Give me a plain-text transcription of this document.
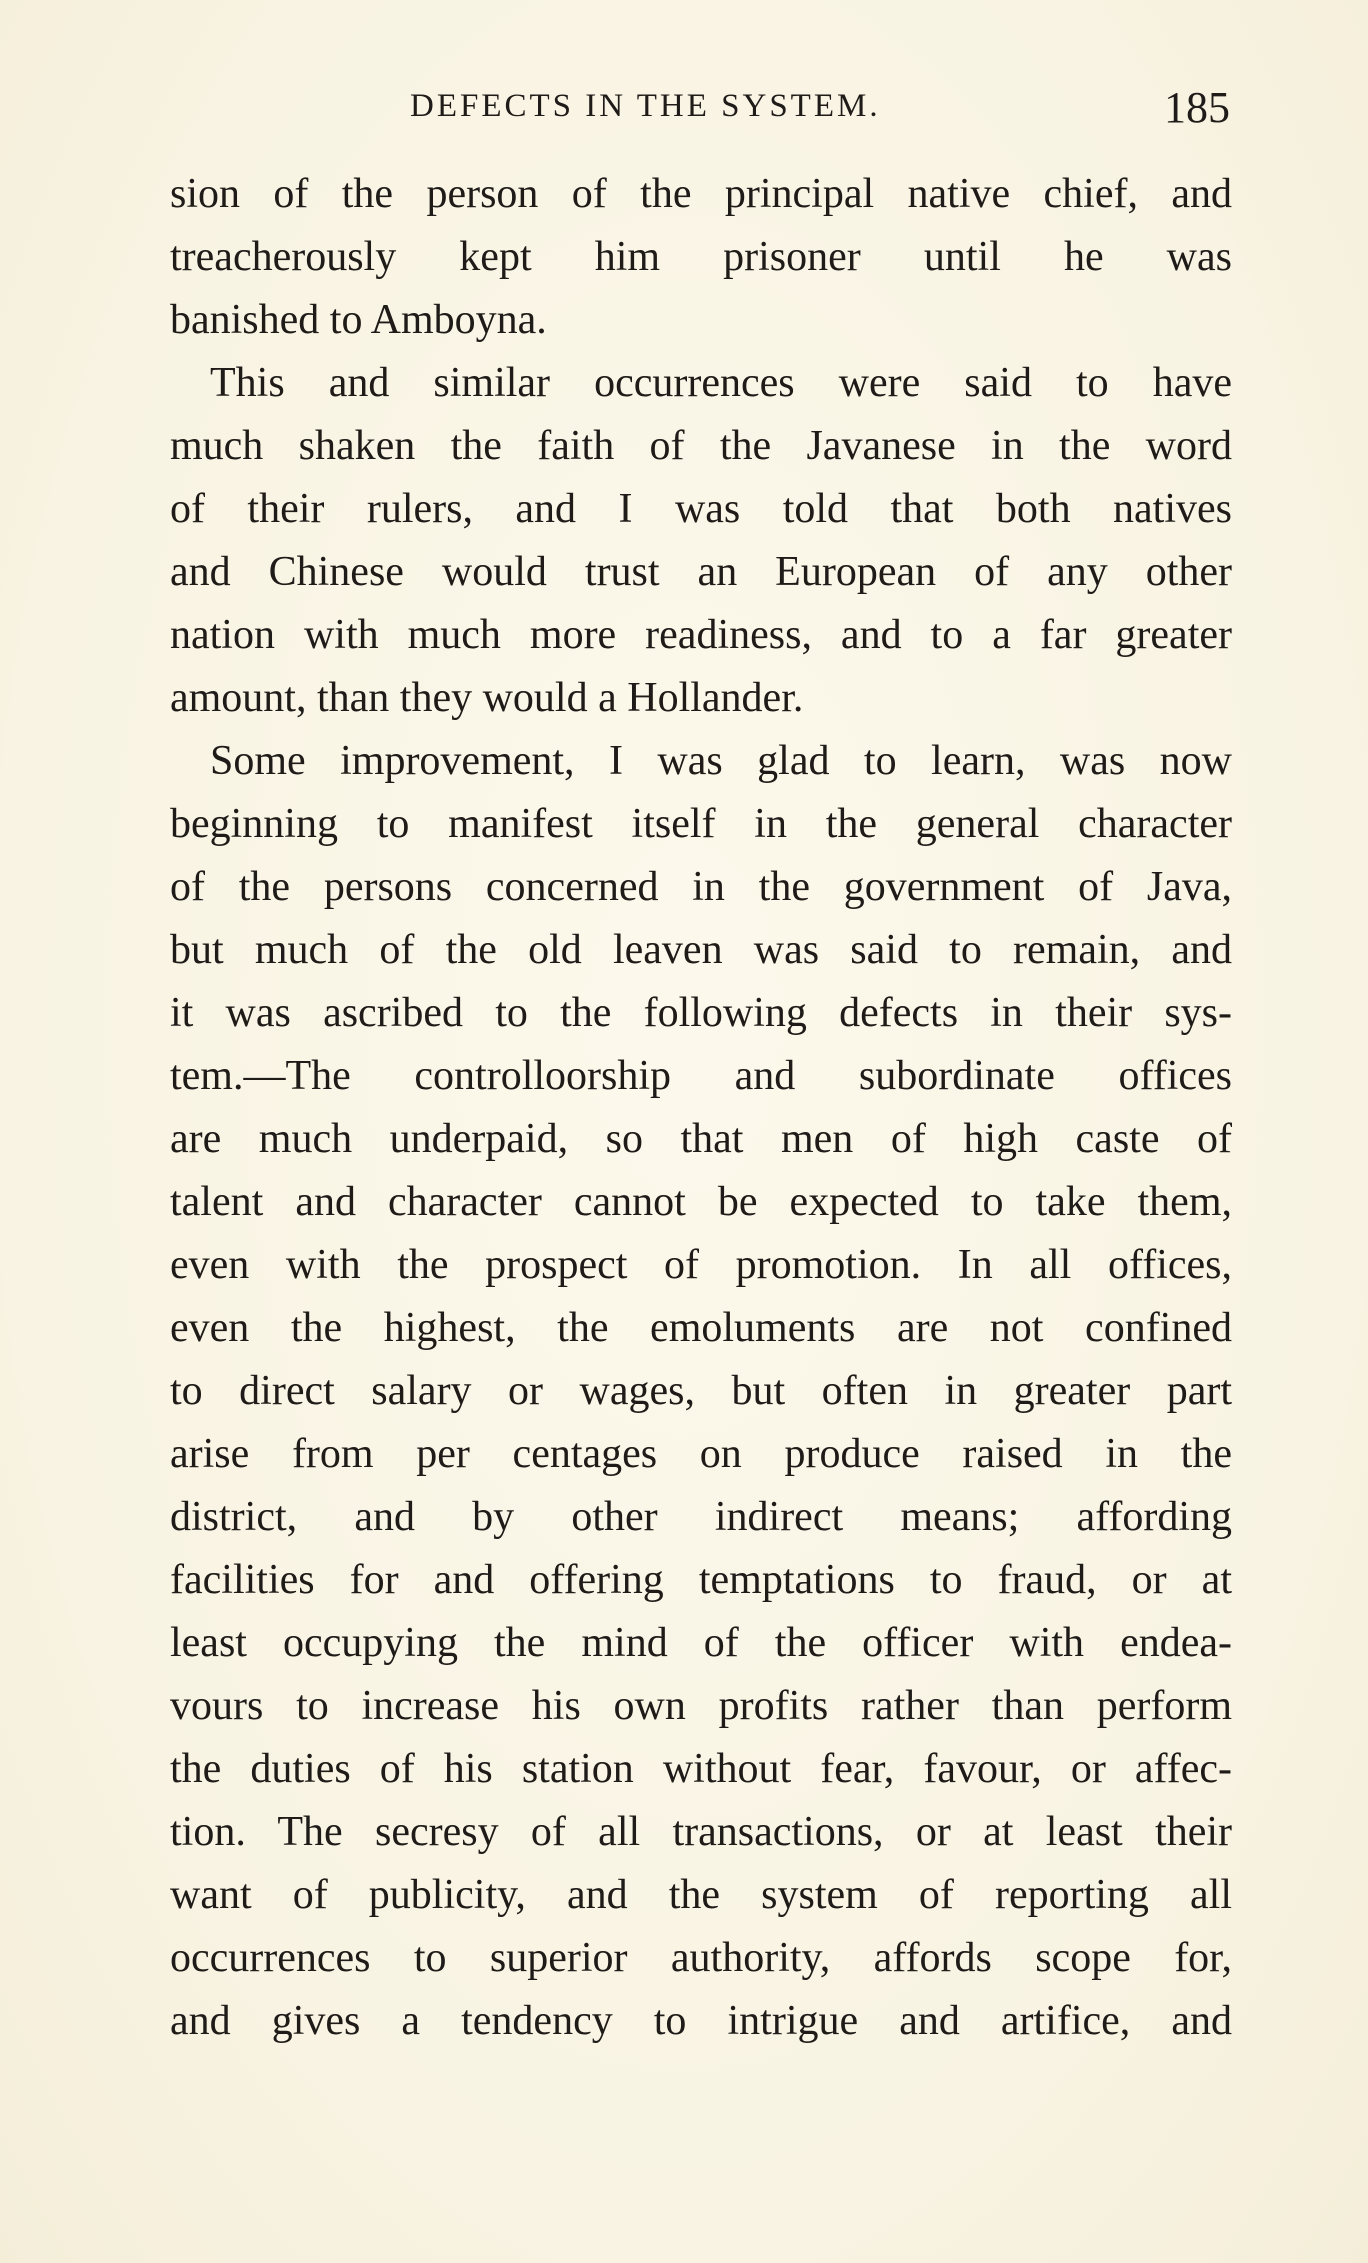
DEFECTS IN THE SYSTEM.	185
sion of the person of the principal native chief, and
treacherously kept him prisoner until he was
banished to Amboyna.
This and similar occurrences were said to have
much shaken the faith of the Javanese in the word
of their rulers, and I was told that both natives
and Chinese would trust an European of any other
nation with much more readiness, and to a far greater
amount, than they would a Hollander.
Some improvement, I was glad to learn, was now
beginning to manifest itself in the general character
of the persons concerned in the government of Java,
but much of the old leaven was said to remain, and
it was ascribed to the following defects in their sys-
tem.—The controlloorship and subordinate offices
are much underpaid, so that men of high caste of
talent and character cannot be expected to take them,
even with the prospect of promotion. In all offices,
even the highest, the emoluments are not confined
to direct salary or wages, but often in greater part
arise from per centages on produce raised in the
district, and by other indirect means; affording
facilities for and offering temptations to fraud, or at
least occupying the mind of the officer with endea-
vours to increase his own profits rather than perform
the duties of his station without fear, favour, or affec-
tion. The secresy of all transactions, or at least their
want of publicity, and the system of reporting all
occurrences to superior authority, affords scope for,
and gives a tendency to intrigue and artifice, and
